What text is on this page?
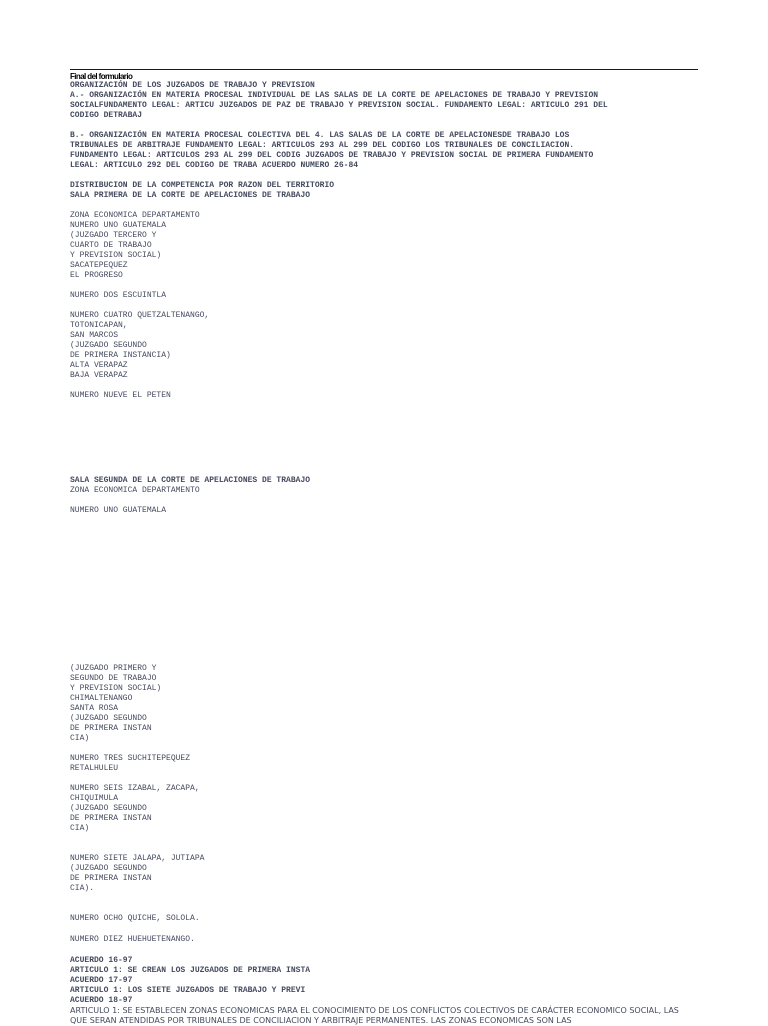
Final del formulario
ORGANIZACIÓN DE LOS JUZGADOS DE TRABAJO Y PREVISION
A.- ORGANIZACIÓN EN MATERIA PROCESAL INDIVIDUAL DE LAS SALAS DE LA CORTE DE APELACIONES DE TRABAJO Y PREVISION
SOCIALFUNDAMENTO LEGAL: ARTICU JUZGADOS DE PAZ DE TRABAJO Y PREVISION SOCIAL. FUNDAMENTO LEGAL: ARTICULO 291 DEL
CODIGO DETRABAJ
B.- ORGANIZACIÓN EN MATERIA PROCESAL COLECTIVA DEL 4. LAS SALAS DE LA CORTE DE APELACIONESDE TRABAJO LOS
TRIBUNALES DE ARBITRAJE FUNDAMENTO LEGAL: ARTICULOS 293 AL 299 DEL CODIGO LOS TRIBUNALES DE CONCILIACION.
FUNDAMENTO LEGAL: ARTICULOS 293 AL 299 DEL CODIG JUZGADOS DE TRABAJO Y PREVISION SOCIAL DE PRIMERA FUNDAMENTO
LEGAL: ARTICULO 292 DEL CODIGO DE TRABA ACUERDO NUMERO 26-84
DISTRIBUCION DE LA COMPETENCIA POR RAZON DEL TERRITORIO
SALA PRIMERA DE LA CORTE DE APELACIONES DE TRABAJO
ZONA ECONOMICA DEPARTAMENTO
NUMERO UNO GUATEMALA
(JUZGADO TERCERO Y
CUARTO DE TRABAJO
Y PREVISION SOCIAL)
SACATEPEQUEZ
EL PROGRESO
NUMERO DOS ESCUINTLA
NUMERO CUATRO QUETZALTENANGO,
TOTONICAPAN,
SAN MARCOS
(JUZGADO SEGUNDO
DE PRIMERA INSTANCIA)
ALTA VERAPAZ
BAJA VERAPAZ
NUMERO NUEVE EL PETEN
SALA SEGUNDA DE LA CORTE DE APELACIONES DE TRABAJO
ZONA ECONOMICA DEPARTAMENTO
NUMERO UNO GUATEMALA
(JUZGADO PRIMERO Y
SEGUNDO DE TRABAJO
Y PREVISION SOCIAL)
CHIMALTENANGO
SANTA ROSA
(JUZGADO SEGUNDO
DE PRIMERA INSTAN
CIA)
NUMERO TRES SUCHITEPEQUEZ
RETALHULEU
NUMERO SEIS IZABAL, ZACAPA,
CHIQUIMULA
(JUZGADO SEGUNDO
DE PRIMERA INSTAN
CIA)
NUMERO SIETE JALAPA, JUTIAPA
(JUZGADO SEGUNDO
DE PRIMERA INSTAN
CIA).
NUMERO OCHO QUICHE, SOLOLA.
NUMERO DIEZ HUEHUETENANGO.
ACUERDO 16-97
ARTICULO 1: SE CREAN LOS JUZGADOS DE PRIMERA INSTA
ACUERDO 17-97
ARTICULO 1: LOS SIETE JUZGADOS DE TRABAJO Y PREVI
ACUERDO 18-97

ARTICULO 1: SE ESTABLECEN ZONAS ECONOMICAS PARA EL CONOCIMIENTO DE LOS CONFLICTOS COLECTIVOS DE CARÁCTER ECONOMICO SOCIAL, LAS QUE SERAN ATENDIDAS POR TRIBUNALES DE CONCILIACION Y ARBITRAJE PERMANENTES. LAS ZONAS ECONOMICAS SON LAS
